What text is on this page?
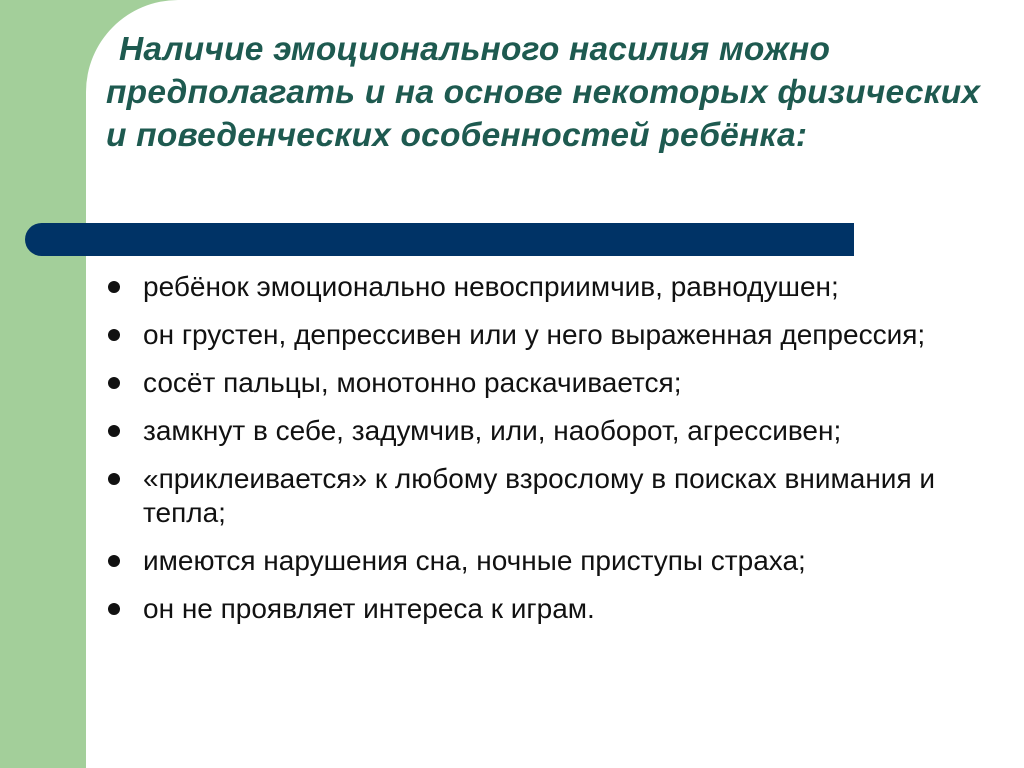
Наличие эмоционального насилия можно предполагать и на основе некоторых физических и поведенческих особенностей ребёнка:
ребёнок эмоционально невосприимчив, равнодушен;
он грустен, депрессивен или у него выраженная депрессия;
сосёт пальцы, монотонно раскачивается;
замкнут в себе, задумчив, или, наоборот, агрессивен;
«приклеивается» к любому взрослому в поисках внимания и тепла;
имеются нарушения сна, ночные приступы страха;
он не проявляет интереса к играм.
